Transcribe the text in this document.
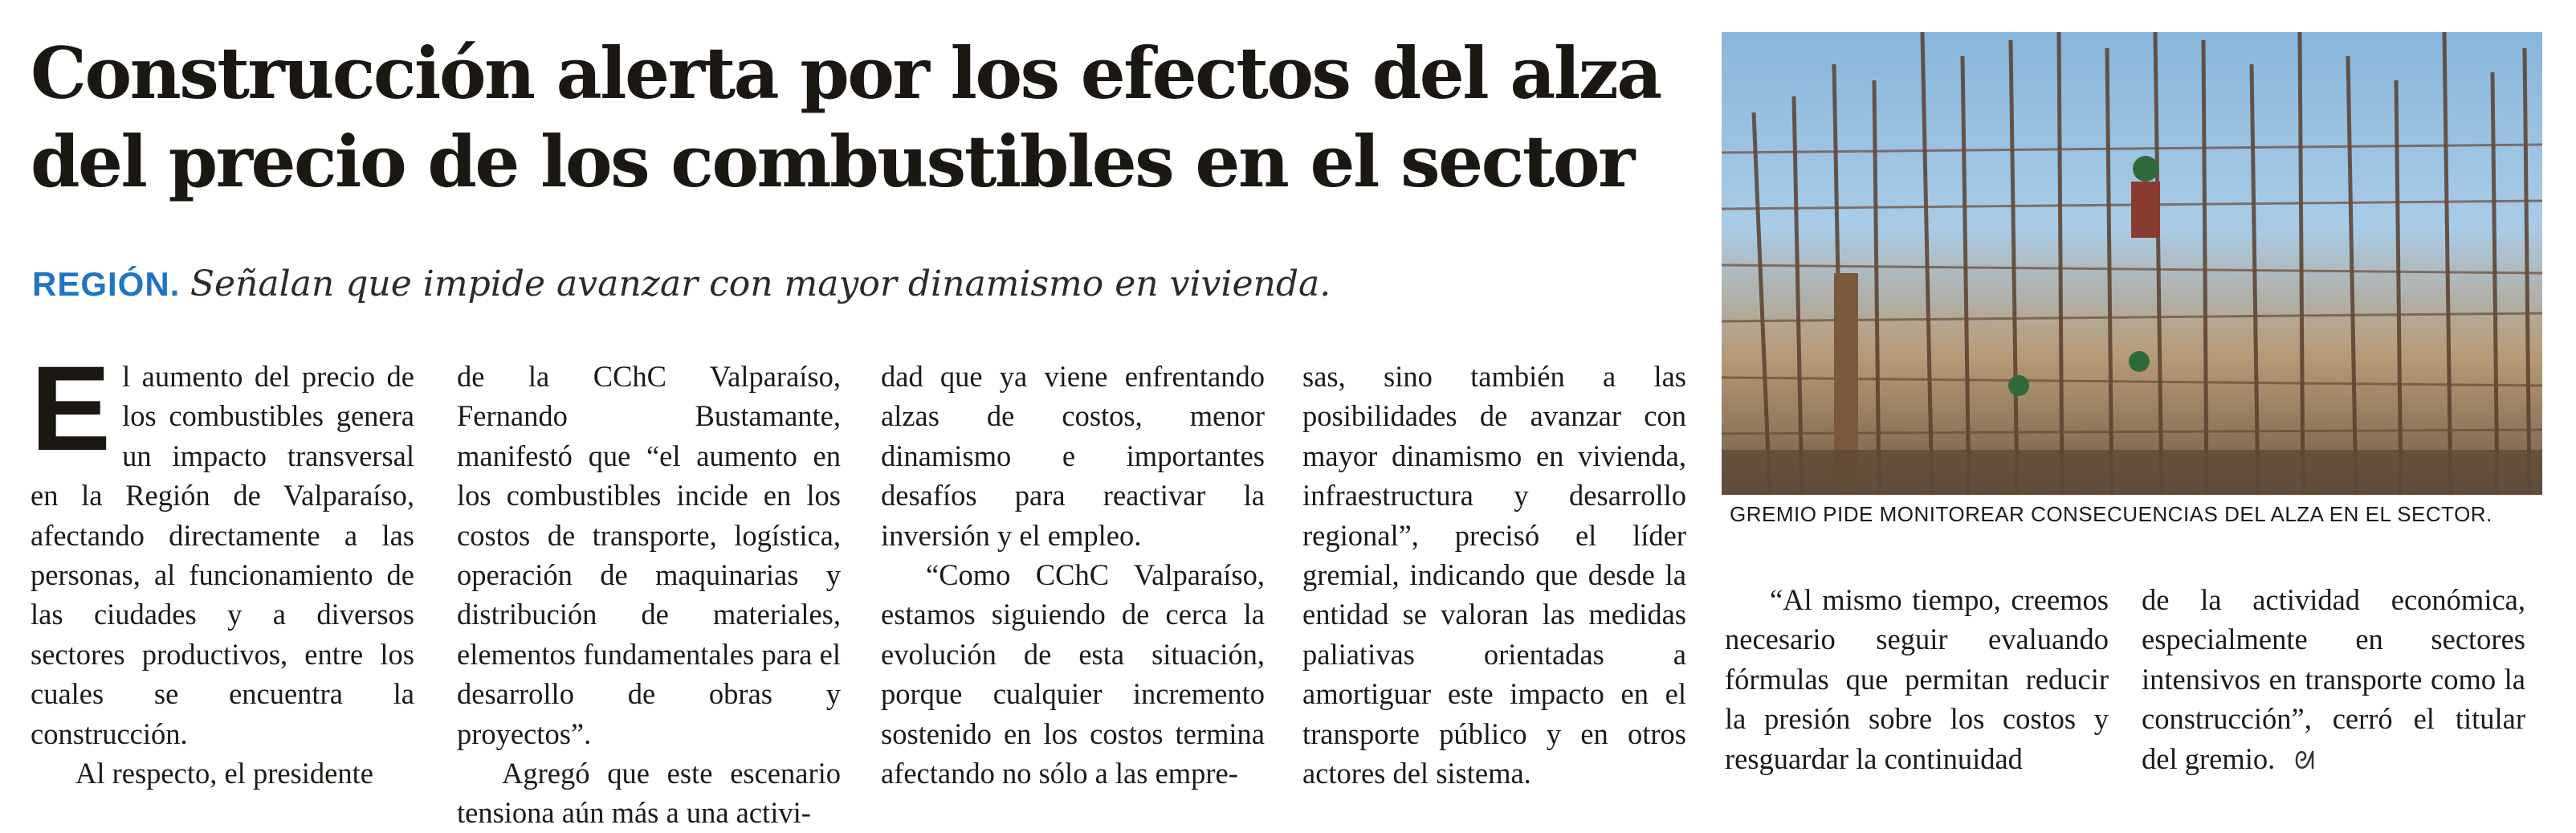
Construcción alerta por los efectos del alza del precio de los combustibles en el sector
REGIÓN. Señalan que impide avanzar con mayor dinamismo en vivienda.

El aumento del precio de los combustibles genera un impacto transversal en la Región de Valparaíso, afectando directamente a las personas, al funcionamiento de las ciudades y a diversos sectores productivos, entre los cuales se encuentra la construcción.

Al respecto, el presidente

de la CChC Valparaíso, Fernando Bustamante, manifestó que “el aumento en los combustibles incide en los costos de transporte, logística, operación de maquinarias y distribución de materiales, elementos fundamentales para el desarrollo de obras y proyectos”.

Agregó que este escenario tensiona aún más a una activi-

dad que ya viene enfrentando alzas de costos, menor dinamismo e importantes desafíos para reactivar la inversión y el empleo.

“Como CChC Valparaíso, estamos siguiendo de cerca la evolución de esta situación, porque cualquier incremento sostenido en los costos termina afectando no sólo a las empre-

sas, sino también a las posibilidades de avanzar con mayor dinamismo en vivienda, infraestructura y desarrollo regional”, precisó el líder gremial, indicando que desde la entidad se valoran las medidas paliativas orientadas a amortiguar este impacto en el transporte público y en otros actores del sistema.

“Al mismo tiempo, creemos necesario seguir evaluando fórmulas que permitan reducir la presión sobre los costos y resguardar la continuidad

de la actividad económica, especialmente en sectores intensivos en transporte como la construcción”, cerró el titular del gremio. ᘛ

GREMIO PIDE MONITOREAR CONSECUENCIAS DEL ALZA EN EL SECTOR.
